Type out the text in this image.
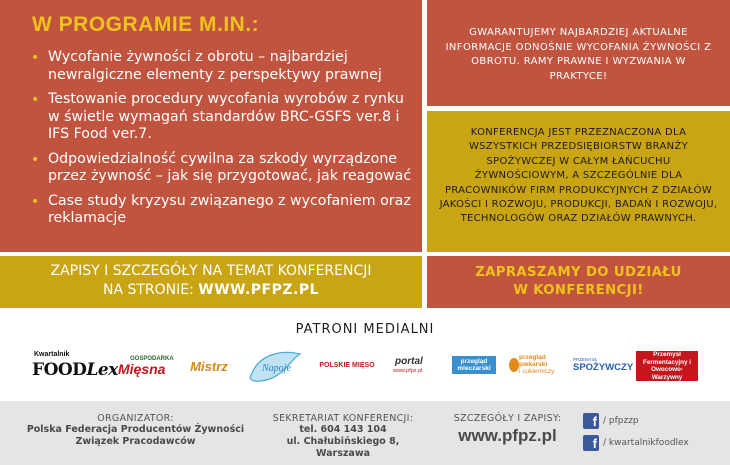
W PROGRAMIE M.IN.:
• Wycofanie żywności z obrotu – najbardziej newralgiczne elementy z perspektywy prawnej
• Testowanie procedury wycofania wyrobów z rynku w świetle wymagań standardów BRC-GSFS ver.8 i IFS Food ver.7.
• Odpowiedzialność cywilna za szkody wyrządzone przez żywność – jak się przygotować, jak reagować
• Case study kryzysu związanego z wycofaniem oraz reklamacje
GWARANTUJEMY NAJBARDZIEJ AKTUALNE INFORMACJE ODNOŚNIE WYCOFANIA ŻYWNOŚCI Z OBROTU. RAMY PRAWNE I WYZWANIA W PRAKTYCE!
KONFERENCJA JEST PRZEZNACZONA DLA WSZYSTKICH PRZEDSIĘBIORSTW BRANŻY SPOŻYWCZEJ W CAŁYM ŁAŃCUCHU ŻYWNOŚCIOWYM, A SZCZEGÓLNIE DLA PRACOWNIKÓW FIRM PRODUKCYJNYCH Z DZIAŁÓW JAKOŚCI I ROZWOJU, PRODUKCJI, BADAŃ I ROZWOJU, TECHNOLOGÓW ORAZ DZIAŁÓW PRAWNYCH.
ZAPISY I SZCZEGÓŁY NA TEMAT KONFERENCJI
NA STRONIE: WWW.PFPZ.PL
ZAPRASZAMY DO UDZIAŁU
W KONFERENCJI!
PATRONI MEDIALNI
Kwartalnik
FOODLex
GOSPODARKA
Mięsna Mistrz	Napoje	POLSKIE MIĘSO portal
www.pfpz.pl
przegląd mleczarski
przegląd
piekarski
i cukierniczy
PRZEMYSŁ
SPOŻYWCZY
Przemysł Fermentacyjny i Owocowo-Warzywny
ORGANIZATOR:
Polska Federacja Producentów Żywności
Związek Pracodawców
SEKRETARIAT KONFERENCJI:
tel. 604 143 104
ul. Chałubińskiego 8, Warszawa
SZCZEGÓŁY I ZAPISY:
www.pfpz.pl
f / pfpzzp
f / kwartalnikfoodlex
